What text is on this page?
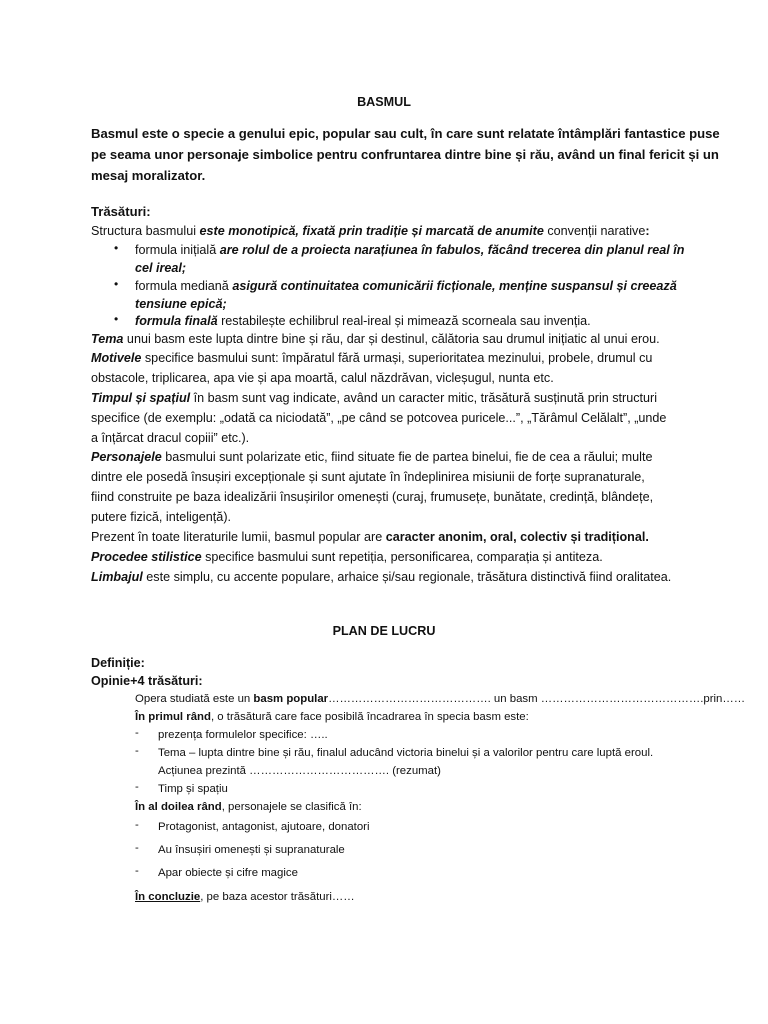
BASMUL
Basmul este o specie a genului epic, popular sau cult, în care sunt relatate întâmplări fantastice puse
pe seama unor personaje simbolice pentru confruntarea dintre bine și rău, având un final fericit și un
mesaj moralizator.
Trăsături:
Structura basmului este monotipică, fixată prin tradiție și marcată de anumite convenții narative:
• formula inițială are rolul de a proiecta narațiunea în fabulos, făcând trecerea din planul real în
cel ireal;
• formula mediană asigură continuitatea comunicării ficționale, menține suspansul și creează
tensiune epică;
• formula finală restabilește echilibrul real-ireal și mimează scorneala sau invenția.
Tema unui basm este lupta dintre bine și rău, dar și destinul, călătoria sau drumul inițiatic al unui erou.
Motivele specifice basmului sunt: împăratul fără urmași, superioritatea mezinului, probele, drumul cu
obstacole, triplicarea, apa vie și apa moartă, calul năzdrăvan, vicleșugul, nunta etc.
Timpul și spațiul în basm sunt vag indicate, având un caracter mitic, trăsătură susținută prin structuri
specifice (de exemplu: „odată ca niciodată”, „pe când se potcovea puricele...”, „Tărâmul Celălalt”, „unde
a înțărcat dracul copiii” etc.).
Personajele basmului sunt polarizate etic, fiind situate fie de partea binelui, fie de cea a răului; multe
dintre ele posedă însușiri excepționale și sunt ajutate în îndeplinirea misiunii de forțe supranaturale,
fiind construite pe baza idealizării însușirilor omenești (curaj, frumusețe, bunătate, credință, blândețe,
putere fizică, inteligență).
Prezent în toate literaturile lumii, basmul popular are caracter anonim, oral, colectiv și tradițional.
Procedee stilistice specifice basmului sunt repetiția, personificarea, comparația și antiteza.
Limbajul este simplu, cu accente populare, arhaice și/sau regionale, trăsătura distinctivă fiind oralitatea.
PLAN DE LUCRU
Definiție:
Opinie+4 trăsături:
Opera studiată este un basm popular……………………………………. un basm …………………………………….prin……
În primul rând, o trăsătură care face posibilă încadrarea în specia basm este:
- prezența formulelor specifice: …..
- Tema – lupta dintre bine și rău, finalul aducând victoria binelui și a valorilor pentru care luptă eroul.
Acțiunea prezintă ………………………………. (rezumat)
- Timp și spațiu
În al doilea rând, personajele se clasifică în:
- Protagonist, antagonist, ajutoare, donatori
- Au însușiri omenești și supranaturale
- Apar obiecte și cifre magice
În concluzie, pe baza acestor trăsături……
